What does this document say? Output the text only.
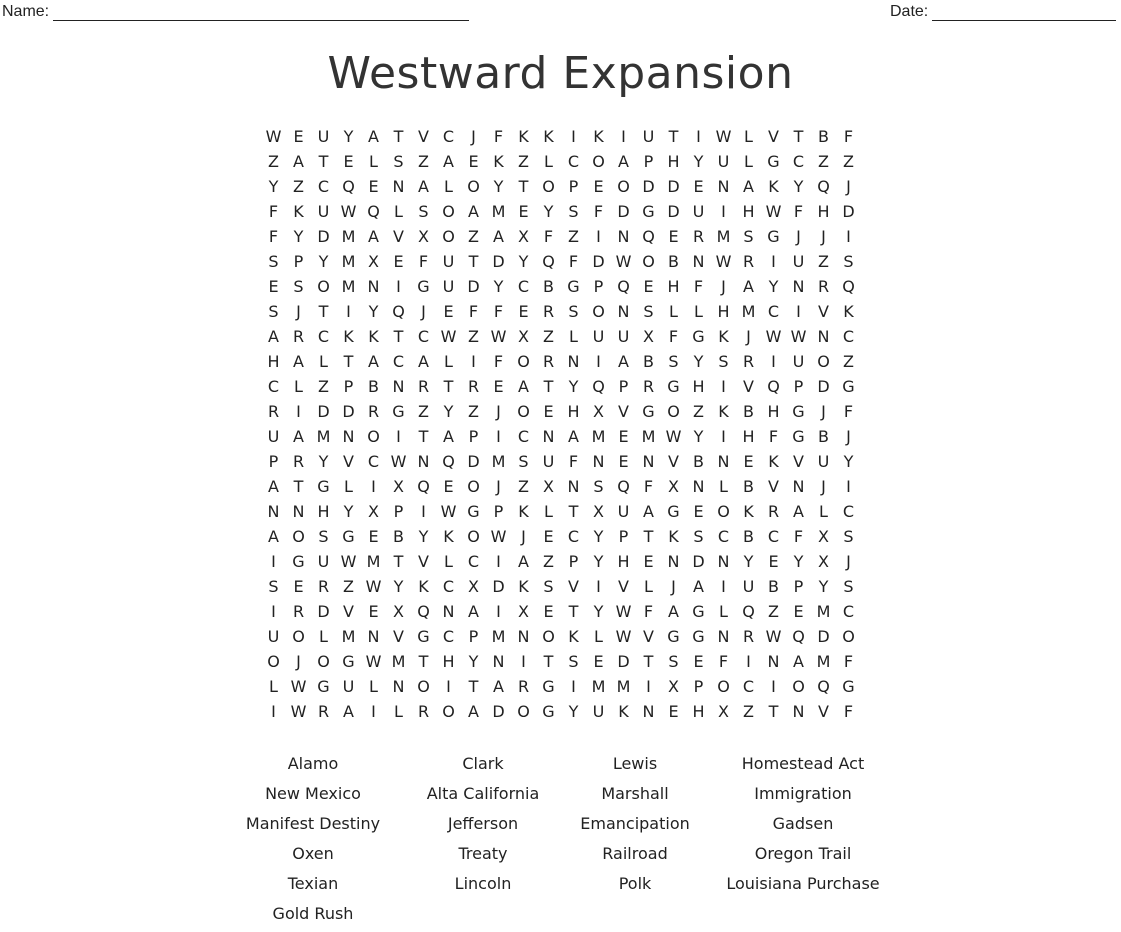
Name:	Date:
Westward Expansion
W E U Y A T V C	J	F K K	I	K	I	U T	I W L V T B F
Z A T E L S Z A E K Z L C O A P H Y U L G C Z Z
Y Z C Q E N A L O Y T O P E O D D E N A K Y Q	J
F K U W Q L S O A M E Y S F D G D U	I	H W F H D
F Y D M A V X O Z A X F Z	I	N Q E R M S G	J	J	I
S P Y M X E F U T D Y Q F D W O B N W R	I	U Z S
E S O M N	I	G U D Y C B G P Q E H F	J	A Y N R Q
S	J	T	I	Y Q	J	E F F E R S O N S L	L H M C	I	V K
A R C K K T C W Z W X Z L U U X F G K	J W W N C
H A L T A C A L	I	F O R N	I	A B S Y S R	I	U O Z
C L Z P B N R T R E A T Y Q P R G H	I	V Q P D G
R	I	D D R G Z Y Z	J	O E H X V G O Z K B H G	J	F
U A M N O	I	T A P	I	C N A M E M W Y	I	H F G B	J
P R Y V C W N Q D M S U F N E N V B N E K V U Y
A T G L	I	X Q E O	J	Z X N S Q F X N L B V N	J	I
N N H Y X P	I W G P K L T X U A G E O K R A L C
A O S G E B Y K O W J	E C Y P T K S C B C F X S
I	G U W M T V L C	I	A Z P Y H E N D N Y E Y X	J
S E R Z W Y K C X D K S V	I	V L	J	A	I	U B P Y S
I	R D V E X Q N A	I	X E T Y W F A G L Q Z E M C
U O L M N V G C P M N O K L W V G G N R W Q D O
O	J	O G W M T H Y N	I	T S E D T S E F	I	N A M F
L W G U L N O	I	T A R G	I M M I	X P O C	I	O Q G
I W R A	I	L R O A D O G Y U K N E H X Z T N V F
Alamo
New Mexico
Manifest Destiny
Oxen
Texian
Gold Rush
Clark
Alta California
Jefferson
Treaty
Lincoln
Lewis
Marshall
Emancipation
Railroad
Polk
Homestead Act
Immigration
Gadsen
Oregon Trail
Louisiana Purchase
